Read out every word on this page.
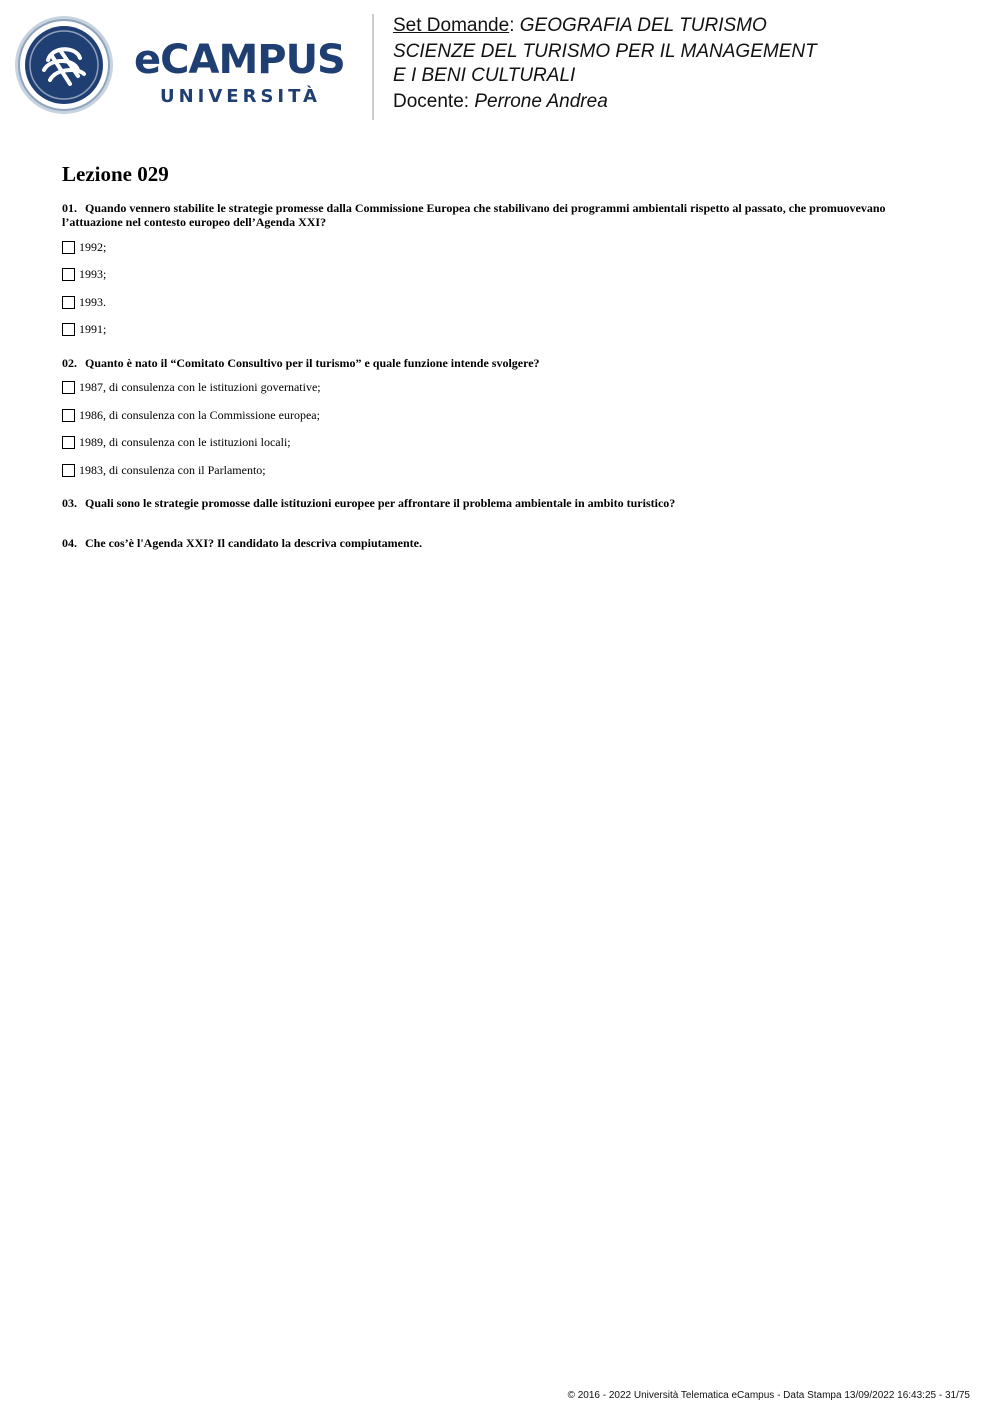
eCAMPUS
UNIVERSITÀ
Set Domande: GEOGRAFIA DEL TURISMO
SCIENZE DEL TURISMO PER IL MANAGEMENT
E I BENI CULTURALI
Docente: Perrone Andrea
Lezione 029
01. Quando vennero stabilite le strategie promesse dalla Commissione Europea che stabilivano dei programmi ambientali rispetto al passato, che promuovevano l’attuazione nel contesto europeo dell’Agenda XXI?
1992;
1993;
1993.
1991;
02. Quanto è nato il “Comitato Consultivo per il turismo” e quale funzione intende svolgere?
1987, di consulenza con le istituzioni governative;
1986, di consulenza con la Commissione europea;
1989, di consulenza con le istituzioni locali;
1983, di consulenza con il Parlamento;
03. Quali sono le strategie promosse dalle istituzioni europee per affrontare il problema ambientale in ambito turistico?
04. Che cos’è l'Agenda XXI? Il candidato la descriva compiutamente.
© 2016 - 2022 Università Telematica eCampus - Data Stampa 13/09/2022 16:43:25 - 31/75
